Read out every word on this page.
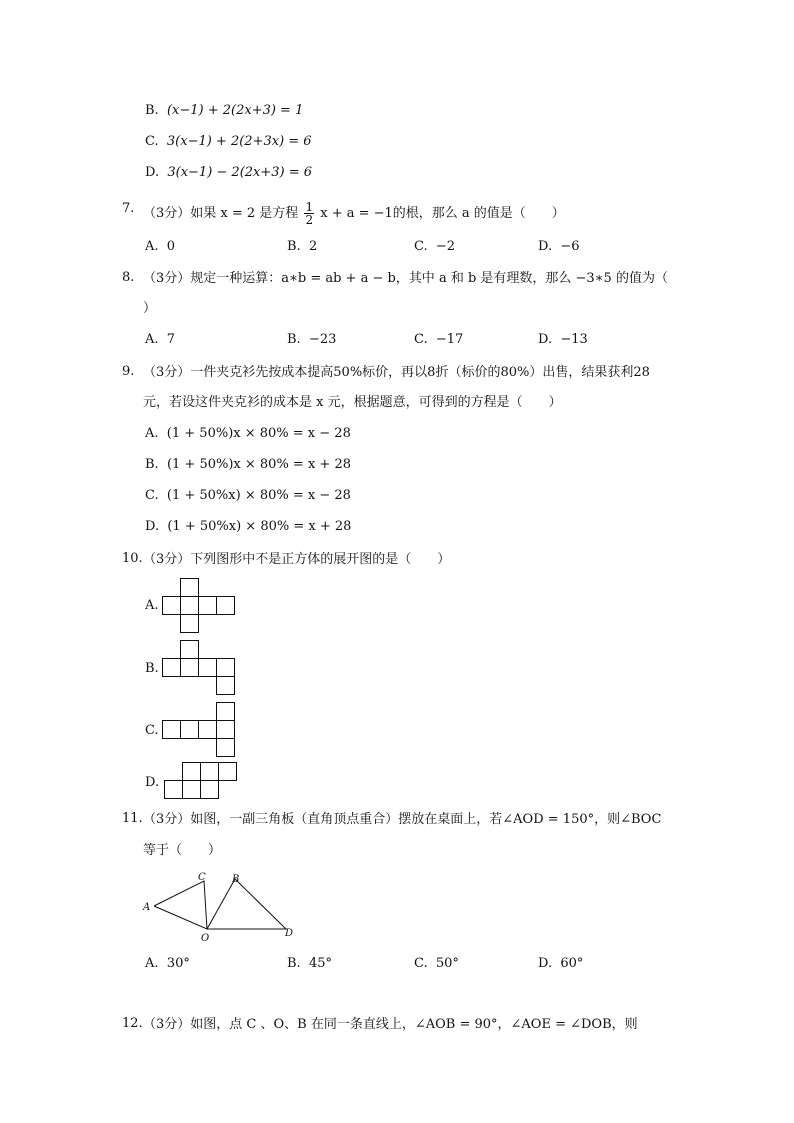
B. (x−1) + 2(2x+3) = 1
C. 3(x−1) + 2(2+3x) = 6
D. 3(x−1) − 2(2x+3) = 6
7. （3分）如果 x = 2 是方程 $\frac{1}{2}$ x + a = −1的根，那么 a 的值是（　　）
A. 0	B. 2	C. −2	D. −6
8. （3分）规定一种运算：a∗b = ab + a − b，其中 a 和 b 是有理数，那么 −3∗5 的值为（
）
A. 7	B. −23	C. −17	D. −13
9. （3分）一件夹克衫先按成本提高50%标价，再以8折（标价的80%）出售，结果获利28
元，若设这件夹克衫的成本是 x 元，根据题意，可得到的方程是（　　）
A. (1 + 50%)x × 80% = x − 28
B. (1 + 50%)x × 80% = x + 28
C. (1 + 50%x) × 80% = x − 28
D. (1 + 50%x) × 80% = x + 28
10. （3分）下列图形中不是正方体的展开图的是（　　）
A.
B.
C.
D.
11. （3分）如图，一副三角板（直角顶点重合）摆放在桌面上，若∠AOD = 150°，则∠BOC
等于（　　）
A
C	B
O	D
A. 30°	B. 45°	C. 50°	D. 60°
12. （3分）如图，点 C 、O、B 在同一条直线上，∠AOB = 90°，∠AOE = ∠DOB，则
